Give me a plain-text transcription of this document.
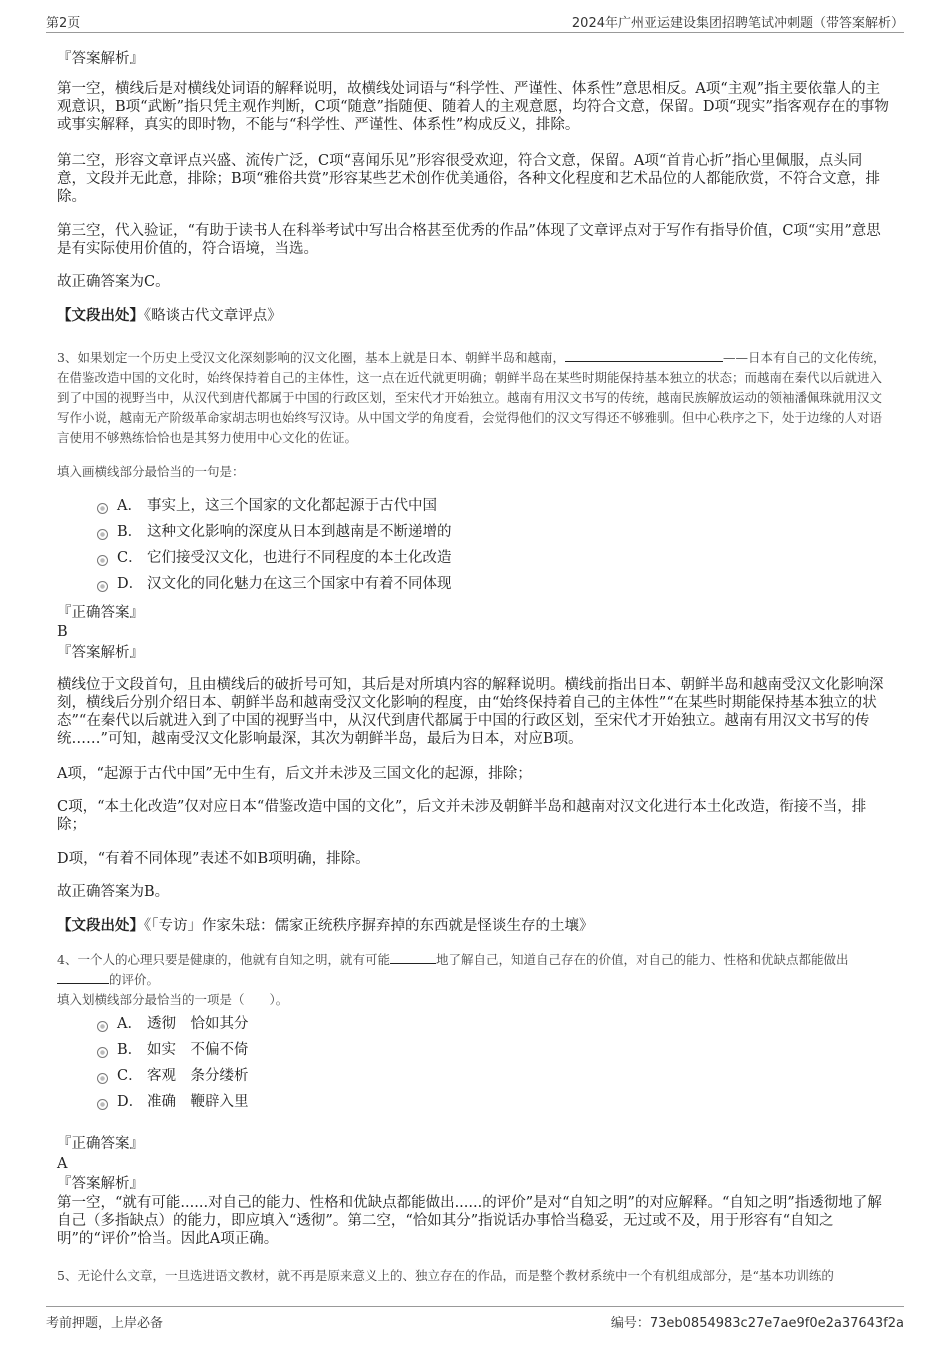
第2页	2024年广州亚运建设集团招聘笔试冲刺题（带答案解析）
『答案解析』
第一空，横线后是对横线处词语的解释说明，故横线处词语与“科学性、严谨性、体系性”意思相反。A项“主观”指主要依靠人的主观意识，B项“武断”指只凭主观作判断，C项“随意”指随便、随着人的主观意愿，均符合文意，保留。D项“现实”指客观存在的事物或事实解释，真实的即时物，不能与“科学性、严谨性、体系性”构成反义，排除。
第二空，形容文章评点兴盛、流传广泛，C项“喜闻乐见”形容很受欢迎，符合文意，保留。A项“首肯心折”指心里佩服，点头同意，文段并无此意，排除；B项“雅俗共赏”形容某些艺术创作优美通俗，各种文化程度和艺术品位的人都能欣赏，不符合文意，排除。
第三空，代入验证，“有助于读书人在科举考试中写出合格甚至优秀的作品”体现了文章评点对于写作有指导价值，C项“实用”意思是有实际使用价值的，符合语境，当选。
故正确答案为C。
【文段出处】《略谈古代文章评点》
3、如果划定一个历史上受汉文化深刻影响的汉文化圈，基本上就是日本、朝鲜半岛和越南，	——日本有自己的文化传统，在借鉴改造中国的文化时，始终保持着自己的主体性，这一点在近代就更明确；朝鲜半岛在某些时期能保持基本独立的状态；而越南在秦代以后就进入到了中国的视野当中，从汉代到唐代都属于中国的行政区划，至宋代才开始独立。越南有用汉文书写的传统，越南民族解放运动的领袖潘佩珠就用汉文写作小说，越南无产阶级革命家胡志明也始终写汉诗。从中国文学的角度看，会觉得他们的汉文写得还不够雅驯。但中心秩序之下，处于边缘的人对语言使用不够熟练恰恰也是其努力使用中心文化的佐证。
填入画横线部分最恰当的一句是：
A． 事实上，这三个国家的文化都起源于古代中国
B． 这种文化影响的深度从日本到越南是不断递增的
C． 它们接受汉文化，也进行不同程度的本土化改造
D． 汉文化的同化魅力在这三个国家中有着不同体现
『正确答案』
B
『答案解析』
横线位于文段首句，且由横线后的破折号可知，其后是对所填内容的解释说明。横线前指出日本、朝鲜半岛和越南受汉文化影响深刻，横线后分别介绍日本、朝鲜半岛和越南受汉文化影响的程度，由“始终保持着自己的主体性”“在某些时期能保持基本独立的状态”“在秦代以后就进入到了中国的视野当中，从汉代到唐代都属于中国的行政区划，至宋代才开始独立。越南有用汉文书写的传统……”可知，越南受汉文化影响最深，其次为朝鲜半岛，最后为日本，对应B项。
A项，“起源于古代中国”无中生有，后文并未涉及三国文化的起源，排除；
C项，“本土化改造”仅对应日本“借鉴改造中国的文化”，后文并未涉及朝鲜半岛和越南对汉文化进行本土化改造，衔接不当，排除；
D项，“有着不同体现”表述不如B项明确，排除。
故正确答案为B。
【文段出处】《「专访」作家朱琺：儒家正统秩序摒弃掉的东西就是怪谈生存的土壤》
4、一个人的心理只要是健康的，他就有自知之明，就有可能	地了解自己，知道自己存在的价值，对自己的能力、性格和优缺点都能做出的评价。
填入划横线部分最恰当的一项是（　　）。
A． 透彻　恰如其分
B． 如实　不偏不倚
C． 客观　条分缕析
D． 准确　鞭辟入里
『正确答案』
A
『答案解析』
第一空，“就有可能......对自己的能力、性格和优缺点都能做出......的评价”是对“自知之明”的对应解释。“自知之明”指透彻地了解自己（多指缺点）的能力，即应填入“透彻”。第二空，“恰如其分”指说话办事恰当稳妥，无过或不及，用于形容有“自知之明”的“评价”恰当。因此A项正确。
5、无论什么文章，一旦选进语文教材，就不再是原来意义上的、独立存在的作品，而是整个教材系统中一个有机组成部分，是“基本功训练的
考前押题，上岸必备	编号：73eb0854983c27e7ae9f0e2a37643f2a
